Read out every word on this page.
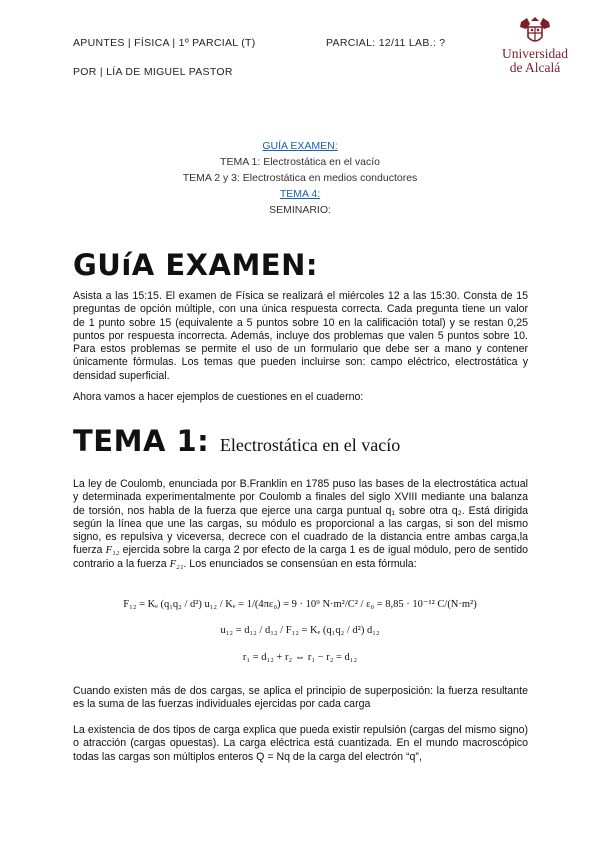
APUNTES | FÍSICA | 1º PARCIAL (T)	PARCIAL: 12/11 LAB.: ?
POR | LÍA DE MIGUEL PASTOR
Universidad
de Alcalá
GUÍA EXAMEN:
TEMA 1: Electrostática en el vacío
TEMA 2 y 3: Electrostática en medios conductores
TEMA 4:
SEMINARIO:
GUíA EXAMEN:
Asista a las 15:15. El examen de Física se realizará el miércoles 12 a las 15:30. Consta de 15 preguntas de opción múltiple, con una única respuesta correcta. Cada pregunta tiene un valor de 1 punto sobre 15 (equivalente a 5 puntos sobre 10 en la calificación total) y se restan 0,25 puntos por respuesta incorrecta. Además, incluye dos problemas que valen 5 puntos sobre 10. Para estos problemas se permite el uso de un formulario que debe ser a mano y contener únicamente fórmulas. Los temas que pueden incluirse son: campo eléctrico, electrostática y densidad superficial.
Ahora vamos a hacer ejemplos de cuestiones en el cuaderno:
TEMA 1: Electrostática en el vacío
La ley de Coulomb, enunciada por B.Franklin en 1785 puso las bases de la electrostática actual y determinada experimentalmente por Coulomb a finales del siglo XVIII mediante una balanza de torsión, nos habla de la fuerza que ejerce una carga puntual q₁ sobre otra q₂. Está dirigida según la línea que une las cargas, su módulo es proporcional a las cargas, si son del mismo signo, es repulsiva y viceversa, decrece con el cuadrado de la distancia entre ambas carga,la fuerza F₁₂ ejercida sobre la carga 2 por efecto de la carga 1 es de igual módulo, pero de sentido contrario a la fuerza F₂₁. Los enunciados se consensúan en esta fórmula:
F₁₂ = Kₑ (q₁q₂ / d²) u₁₂ / Kₑ = 1/(4πε₀) = 9 · 10⁹ N·m²/C² / ε₀ = 8,85 · 10⁻¹² C/(N·m²)
u₁₂ = d₁₂ / d₁₂ / F₁₂ = Kₑ (q₁q₂ / d²) d₁₂
r₁ = d₁₂ + r₂ ⇔ r₁ − r₂ = d₁₂
Cuando existen más de dos cargas, se aplica el principio de superposición: la fuerza resultante es la suma de las fuerzas individuales ejercidas por cada carga
La existencia de dos tipos de carga explica que pueda existir repulsión (cargas del mismo signo) o atracción (cargas opuestas). La carga eléctrica está cuantizada. En el mundo macroscópico todas las cargas son múltiplos enteros Q = Nq de la carga del electrón “q”,
